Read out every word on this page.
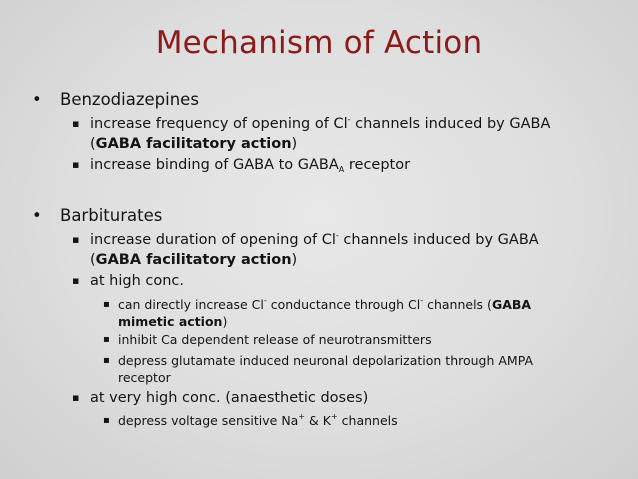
Mechanism of Action
• Benzodiazepines
▪ increase frequency of opening of Cl- channels induced by GABA
(GABA facilitatory action)
▪ increase binding of GABA to $GABA_A$ receptor
• Barbiturates
▪ increase duration of opening of Cl- channels induced by GABA
(GABA facilitatory action)
▪ at high conc.
▪ can directly increase Cl- conductance through Cl- channels (GABA mimetic action)
▪ inhibit Ca dependent release of neurotransmitters
▪ depress glutamate induced neuronal depolarization through AMPA receptor
▪ at very high conc. (anaesthetic doses)
▪ depress voltage sensitive Na+ & K+ channels
